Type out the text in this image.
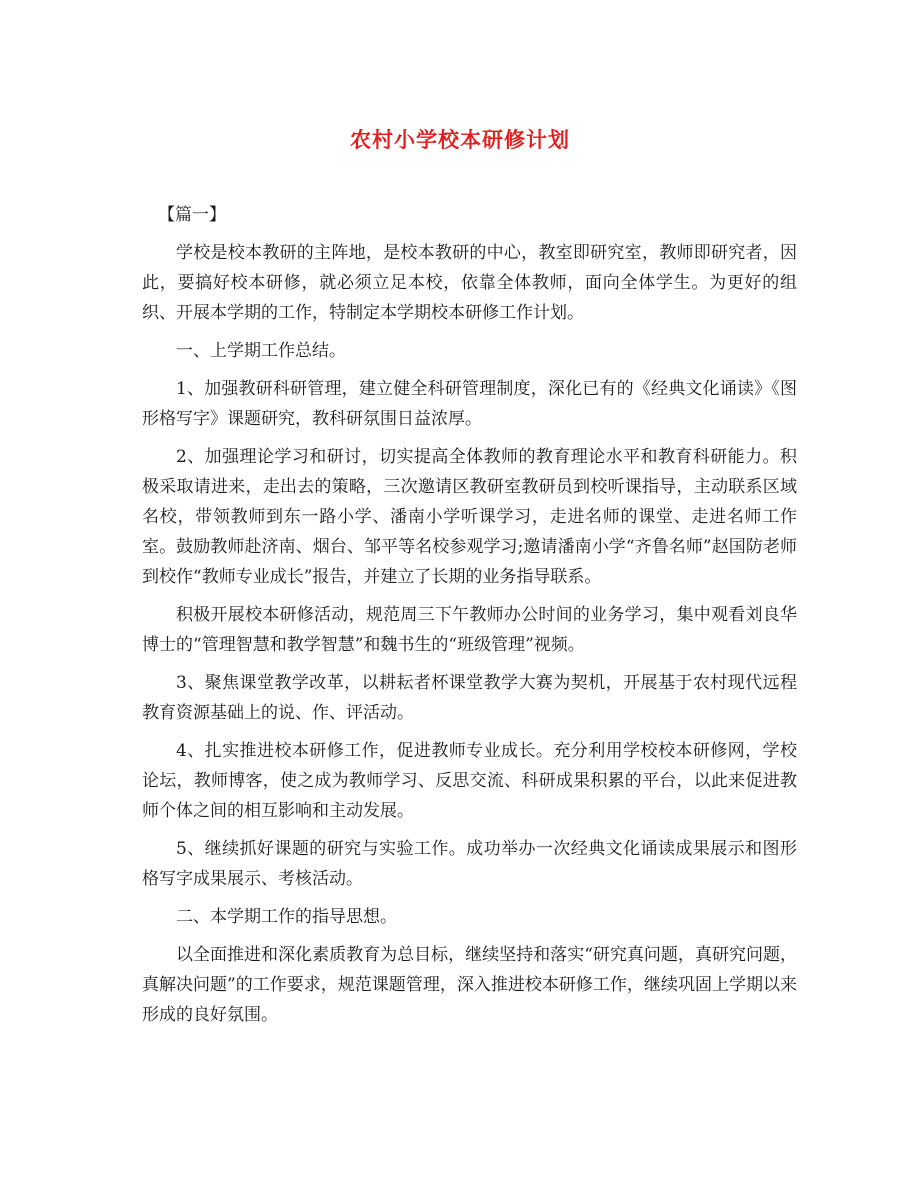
农村小学校本研修计划

【篇一】

学校是校本教研的主阵地，是校本教研的中心，教室即研究室，教师即研究者，因此，要搞好校本研修，就必须立足本校，依靠全体教师，面向全体学生。为更好的组织、开展本学期的工作，特制定本学期校本研修工作计划。

一、上学期工作总结。

1、加强教研科研管理，建立健全科研管理制度，深化已有的《经典文化诵读》《图形格写字》课题研究，教科研氛围日益浓厚。

2、加强理论学习和研讨，切实提高全体教师的教育理论水平和教育科研能力。积极采取请进来，走出去的策略，三次邀请区教研室教研员到校听课指导，主动联系区域名校，带领教师到东一路小学、潘南小学听课学习，走进名师的课堂、走进名师工作室。鼓励教师赴济南、烟台、邹平等名校参观学习;邀请潘南小学“齐鲁名师”赵国防老师到校作“教师专业成长”报告，并建立了长期的业务指导联系。

积极开展校本研修活动，规范周三下午教师办公时间的业务学习，集中观看刘良华博士的“管理智慧和教学智慧”和魏书生的“班级管理”视频。

3、聚焦课堂教学改革，以耕耘者杯课堂教学大赛为契机，开展基于农村现代远程教育资源基础上的说、作、评活动。

4、扎实推进校本研修工作，促进教师专业成长。充分利用学校校本研修网，学校论坛，教师博客，使之成为教师学习、反思交流、科研成果积累的平台，以此来促进教师个体之间的相互影响和主动发展。

5、继续抓好课题的研究与实验工作。成功举办一次经典文化诵读成果展示和图形格写字成果展示、考核活动。

二、本学期工作的指导思想。

以全面推进和深化素质教育为总目标，继续坚持和落实“研究真问题，真研究问题，真解决问题”的工作要求，规范课题管理，深入推进校本研修工作，继续巩固上学期以来形成的良好氛围。
